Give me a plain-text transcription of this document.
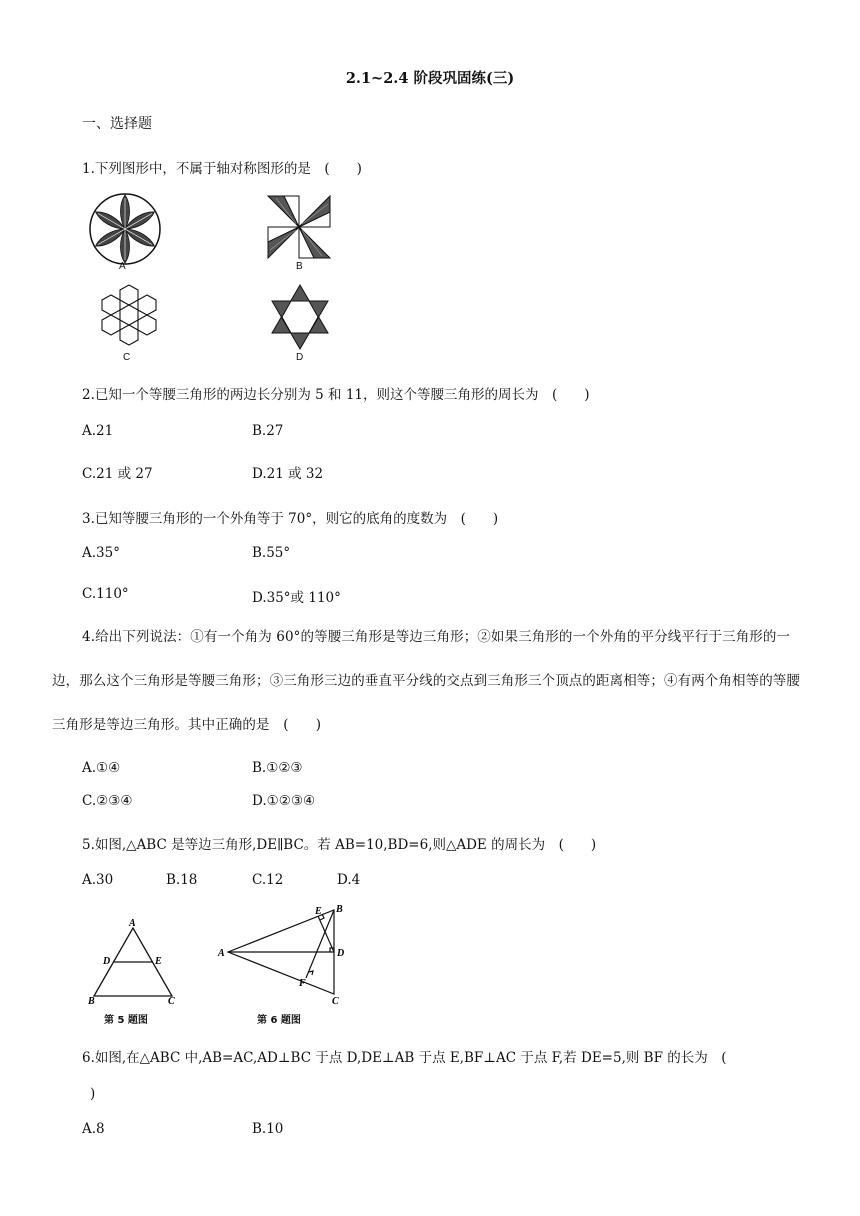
2.1~2.4 阶段巩固练(三)
一、选择题
1.下列图形中，不属于轴对称图形的是　(　　)
A	B
C	D
2.已知一个等腰三角形的两边长分别为 5 和 11，则这个等腰三角形的周长为　(　　)
A.21	B.27
C.21 或 27	D.21 或 32
3.已知等腰三角形的一个外角等于 70°，则它的底角的度数为　(　　)
A.35°	B.55°
C.110°	D.35°或 110°
4.给出下列说法：①有一个角为 60°的等腰三角形是等边三角形；②如果三角形的一个外角的平分线平行于三角形的一边，那么这个三角形是等腰三角形；③三角形三边的垂直平分线的交点到三角形三个顶点的距离相等；④有两个角相等的等腰三角形是等边三角形。其中正确的是　(　　)
A.①④	B.①②③
C.②③④	D.①②③④
5.如图,△ABC 是等边三角形,DE∥BC。若 AB=10,BD=6,则△ADE 的周长为　(　　)
A.30	B.18	C.12	D.4
A
D	E
B	C
第 5 题图
E B
A	D
F
C
第 6 题图
6.如图,在△ABC 中,AB=AC,AD⊥BC 于点 D,DE⊥AB 于点 E,BF⊥AC 于点 F,若 DE=5,则 BF 的长为　(
)
A.8	B.10
